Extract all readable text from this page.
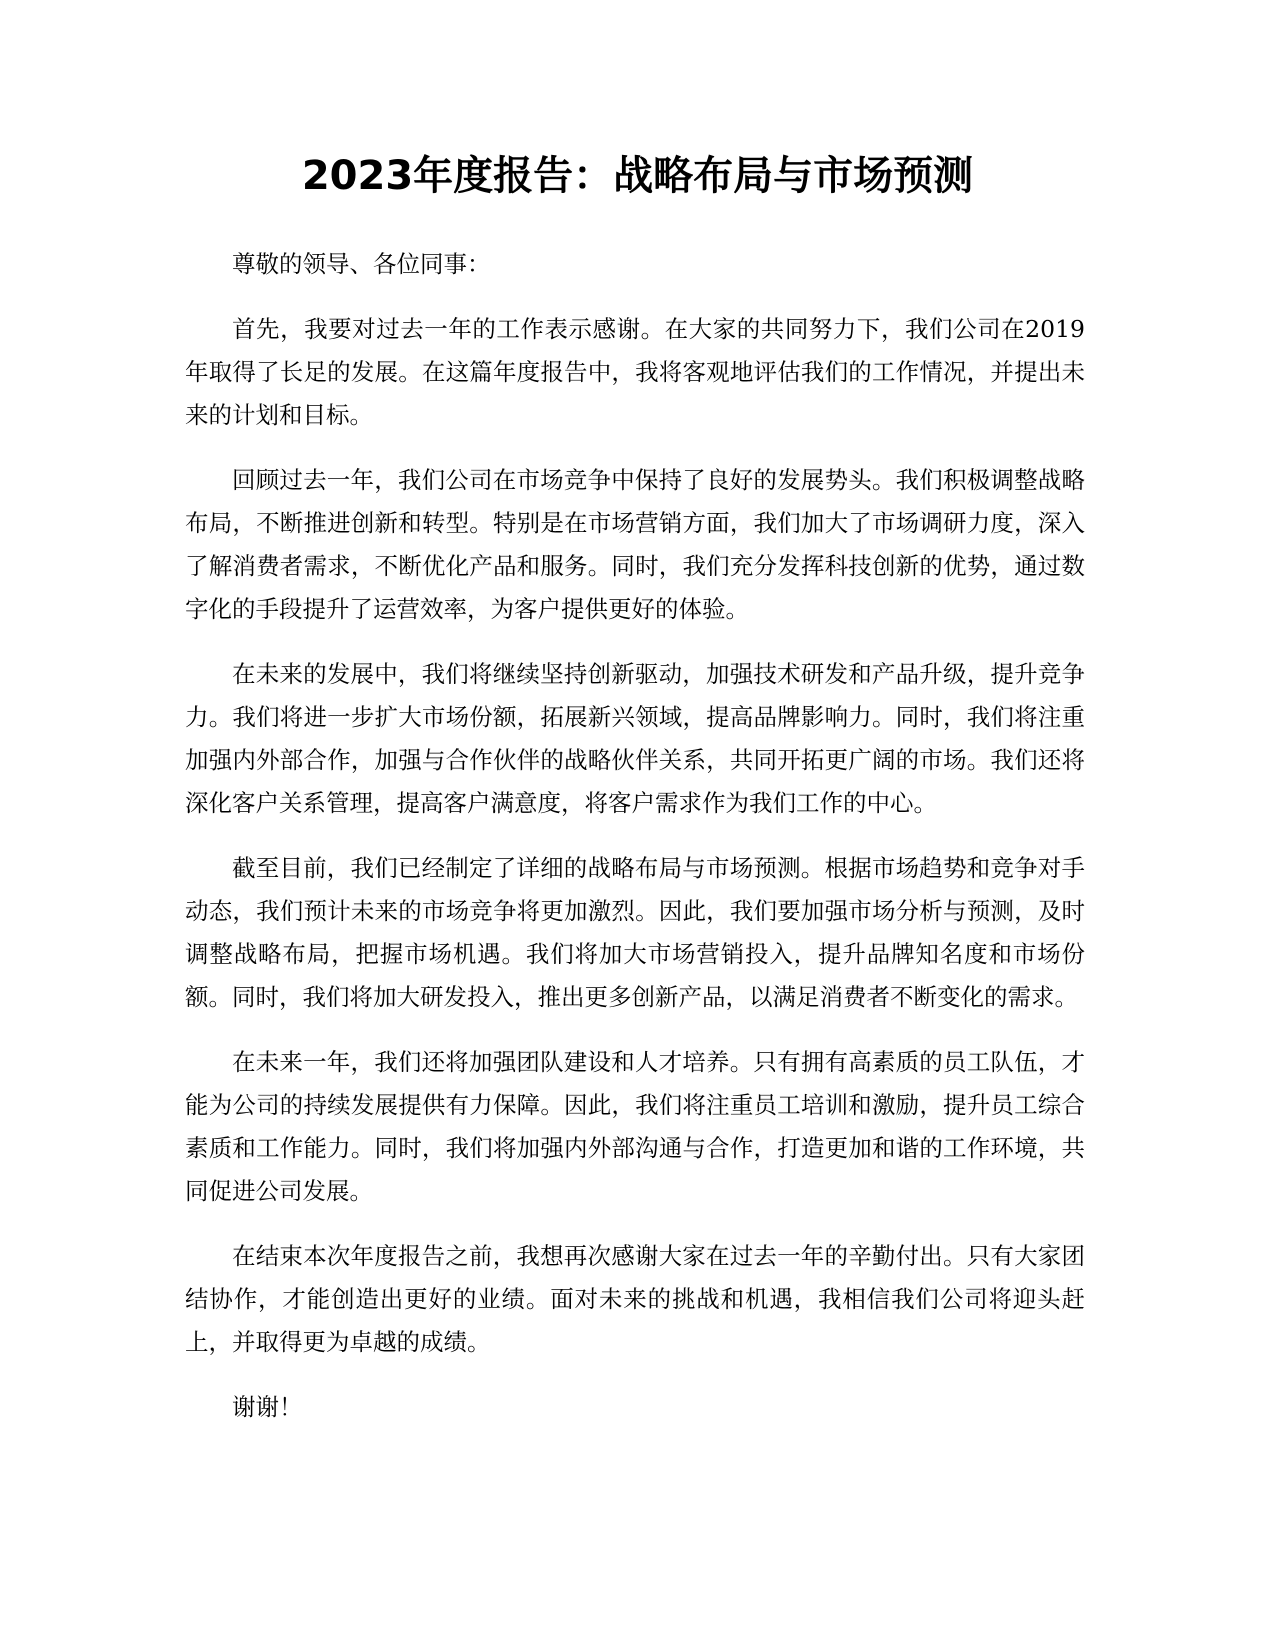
2023年度报告：战略布局与市场预测

尊敬的领导、各位同事：

首先，我要对过去一年的工作表示感谢。在大家的共同努力下，我们公司在2019年取得了长足的发展。在这篇年度报告中，我将客观地评估我们的工作情况，并提出未来的计划和目标。

回顾过去一年，我们公司在市场竞争中保持了良好的发展势头。我们积极调整战略布局，不断推进创新和转型。特别是在市场营销方面，我们加大了市场调研力度，深入了解消费者需求，不断优化产品和服务。同时，我们充分发挥科技创新的优势，通过数字化的手段提升了运营效率，为客户提供更好的体验。

在未来的发展中，我们将继续坚持创新驱动，加强技术研发和产品升级，提升竞争力。我们将进一步扩大市场份额，拓展新兴领域，提高品牌影响力。同时，我们将注重加强内外部合作，加强与合作伙伴的战略伙伴关系，共同开拓更广阔的市场。我们还将深化客户关系管理，提高客户满意度，将客户需求作为我们工作的中心。

截至目前，我们已经制定了详细的战略布局与市场预测。根据市场趋势和竞争对手动态，我们预计未来的市场竞争将更加激烈。因此，我们要加强市场分析与预测，及时调整战略布局，把握市场机遇。我们将加大市场营销投入，提升品牌知名度和市场份额。同时，我们将加大研发投入，推出更多创新产品，以满足消费者不断变化的需求。

在未来一年，我们还将加强团队建设和人才培养。只有拥有高素质的员工队伍，才能为公司的持续发展提供有力保障。因此，我们将注重员工培训和激励，提升员工综合素质和工作能力。同时，我们将加强内外部沟通与合作，打造更加和谐的工作环境，共同促进公司发展。

在结束本次年度报告之前，我想再次感谢大家在过去一年的辛勤付出。只有大家团结协作，才能创造出更好的业绩。面对未来的挑战和机遇，我相信我们公司将迎头赶上，并取得更为卓越的成绩。

谢谢！
